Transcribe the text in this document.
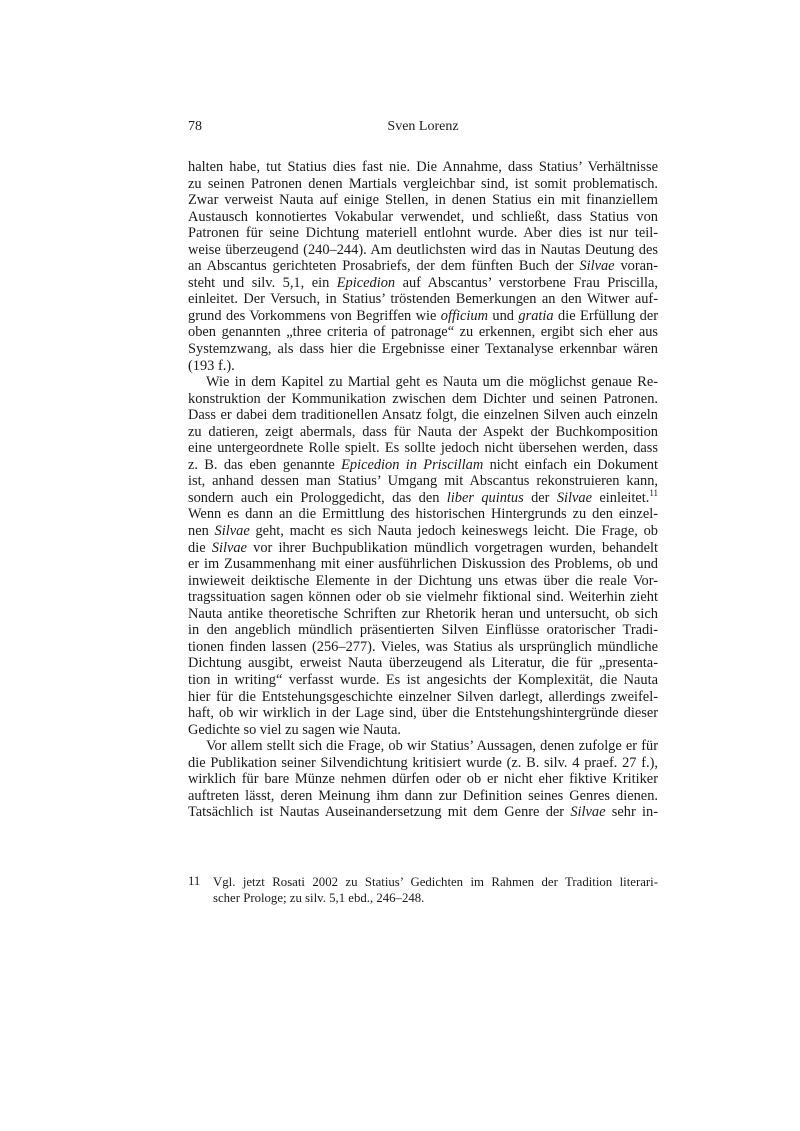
78	Sven Lorenz
halten habe, tut Statius dies fast nie. Die Annahme, dass Statius’ Verhältnisse
zu seinen Patronen denen Martials vergleichbar sind, ist somit problematisch.
Zwar verweist Nauta auf einige Stellen, in denen Statius ein mit finanziellem
Austausch konnotiertes Vokabular verwendet, und schließt, dass Statius von
Patronen für seine Dichtung materiell entlohnt wurde. Aber dies ist nur teil-
weise überzeugend (240–244). Am deutlichsten wird das in Nautas Deutung des
an Abscantus gerichteten Prosabriefs, der dem fünften Buch der Silvae voran-
steht und silv. 5,1, ein Epicedion auf Abscantus’ verstorbene Frau Priscilla,
einleitet. Der Versuch, in Statius’ tröstenden Bemerkungen an den Witwer auf-
grund des Vorkommens von Begriffen wie officium und gratia die Erfüllung der
oben genannten „three criteria of patronage“ zu erkennen, ergibt sich eher aus
Systemzwang, als dass hier die Ergebnisse einer Textanalyse erkennbar wären
(193 f.).
Wie in dem Kapitel zu Martial geht es Nauta um die möglichst genaue Re-
konstruktion der Kommunikation zwischen dem Dichter und seinen Patronen.
Dass er dabei dem traditionellen Ansatz folgt, die einzelnen Silven auch einzeln
zu datieren, zeigt abermals, dass für Nauta der Aspekt der Buchkomposition
eine untergeordnete Rolle spielt. Es sollte jedoch nicht übersehen werden, dass
z. B. das eben genannte Epicedion in Priscillam nicht einfach ein Dokument
ist, anhand dessen man Statius’ Umgang mit Abscantus rekonstruieren kann,
sondern auch ein Prologgedicht, das den liber quintus der Silvae einleitet.$^{11}$
Wenn es dann an die Ermittlung des historischen Hintergrunds zu den einzel-
nen Silvae geht, macht es sich Nauta jedoch keineswegs leicht. Die Frage, ob
die Silvae vor ihrer Buchpublikation mündlich vorgetragen wurden, behandelt
er im Zusammenhang mit einer ausführlichen Diskussion des Problems, ob und
inwieweit deiktische Elemente in der Dichtung uns etwas über die reale Vor-
tragssituation sagen können oder ob sie vielmehr fiktional sind. Weiterhin zieht
Nauta antike theoretische Schriften zur Rhetorik heran und untersucht, ob sich
in den angeblich mündlich präsentierten Silven Einflüsse oratorischer Tradi-
tionen finden lassen (256–277). Vieles, was Statius als ursprünglich mündliche
Dichtung ausgibt, erweist Nauta überzeugend als Literatur, die für „presenta-
tion in writing“ verfasst wurde. Es ist angesichts der Komplexität, die Nauta
hier für die Entstehungsgeschichte einzelner Silven darlegt, allerdings zweifel-
haft, ob wir wirklich in der Lage sind, über die Entstehungshintergründe dieser
Gedichte so viel zu sagen wie Nauta.
Vor allem stellt sich die Frage, ob wir Statius’ Aussagen, denen zufolge er für
die Publikation seiner Silvendichtung kritisiert wurde (z. B. silv. 4 praef. 27 f.),
wirklich für bare Münze nehmen dürfen oder ob er nicht eher fiktive Kritiker
auftreten lässt, deren Meinung ihm dann zur Definition seines Genres dienen.
Tatsächlich ist Nautas Auseinandersetzung mit dem Genre der Silvae sehr in-
11 Vgl. jetzt Rosati 2002 zu Statius’ Gedichten im Rahmen der Tradition literari-
scher Prologe; zu silv. 5,1 ebd., 246–248.
